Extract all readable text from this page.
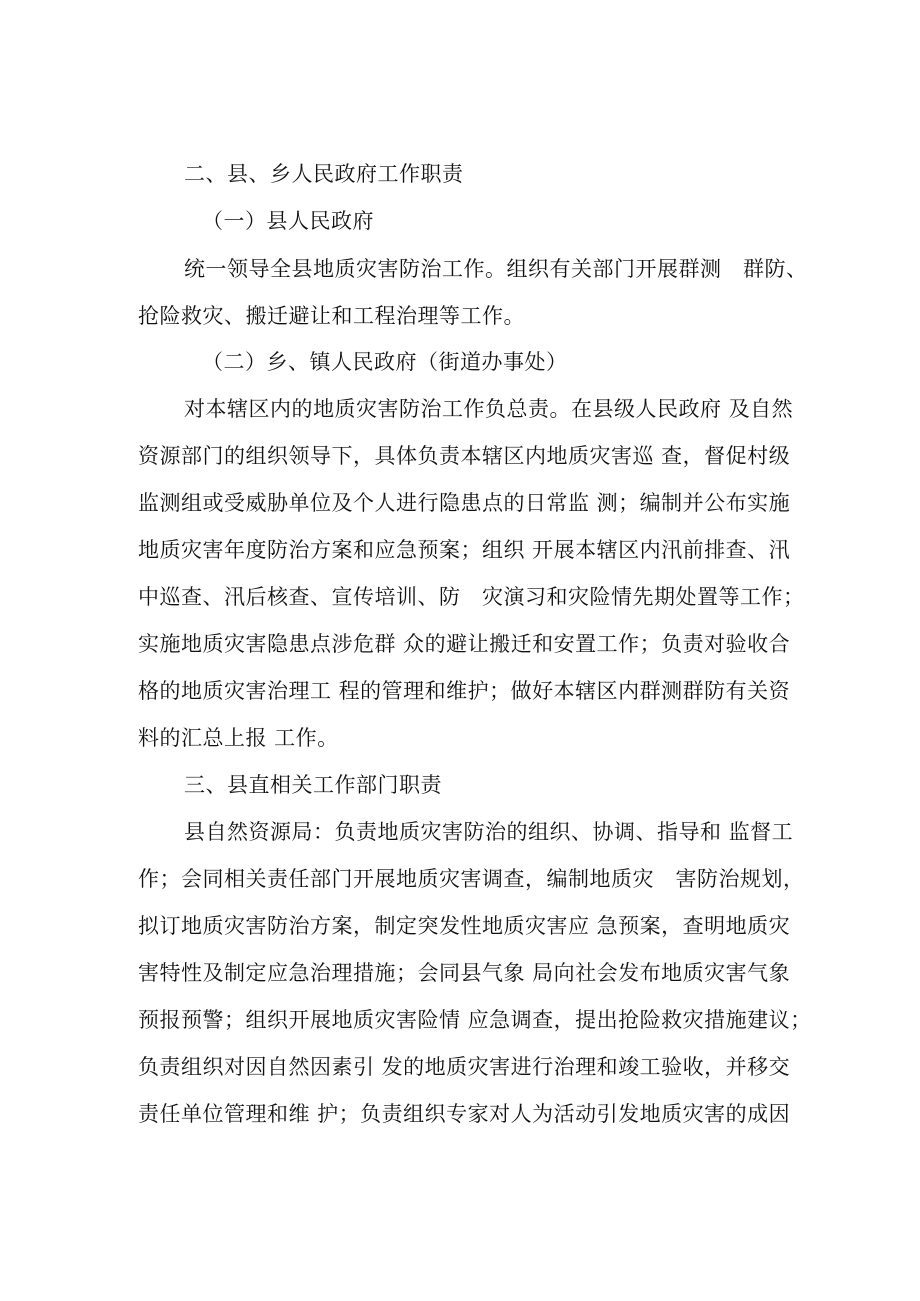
二、县、乡人民政府工作职责
（一）县人民政府
统一领导全县地质灾害防治工作。组织有关部门开展群测　群防、
抢险救灾、搬迁避让和工程治理等工作。
（二）乡、镇人民政府（街道办事处）
对本辖区内的地质灾害防治工作负总责。在县级人民政府 及自然
资源部门的组织领导下，具体负责本辖区内地质灾害巡 查，督促村级
监测组或受威胁单位及个人进行隐患点的日常监 测；编制并公布实施
地质灾害年度防治方案和应急预案；组织 开展本辖区内汛前排查、汛
中巡查、汛后核查、宣传培训、防　灾演习和灾险情先期处置等工作；
实施地质灾害隐患点涉危群 众的避让搬迁和安置工作；负责对验收合
格的地质灾害治理工 程的管理和维护；做好本辖区内群测群防有关资
料的汇总上报 工作。
三、县直相关工作部门职责
县自然资源局：负责地质灾害防治的组织、协调、指导和 监督工
作；会同相关责任部门开展地质灾害调查，编制地质灾　害防治规划，
拟订地质灾害防治方案，制定突发性地质灾害应 急预案，查明地质灾
害特性及制定应急治理措施；会同县气象 局向社会发布地质灾害气象
预报预警；组织开展地质灾害险情 应急调查，提出抢险救灾措施建议；
负责组织对因自然因素引 发的地质灾害进行治理和竣工验收，并移交
责任单位管理和维 护；负责组织专家对人为活动引发地质灾害的成因
